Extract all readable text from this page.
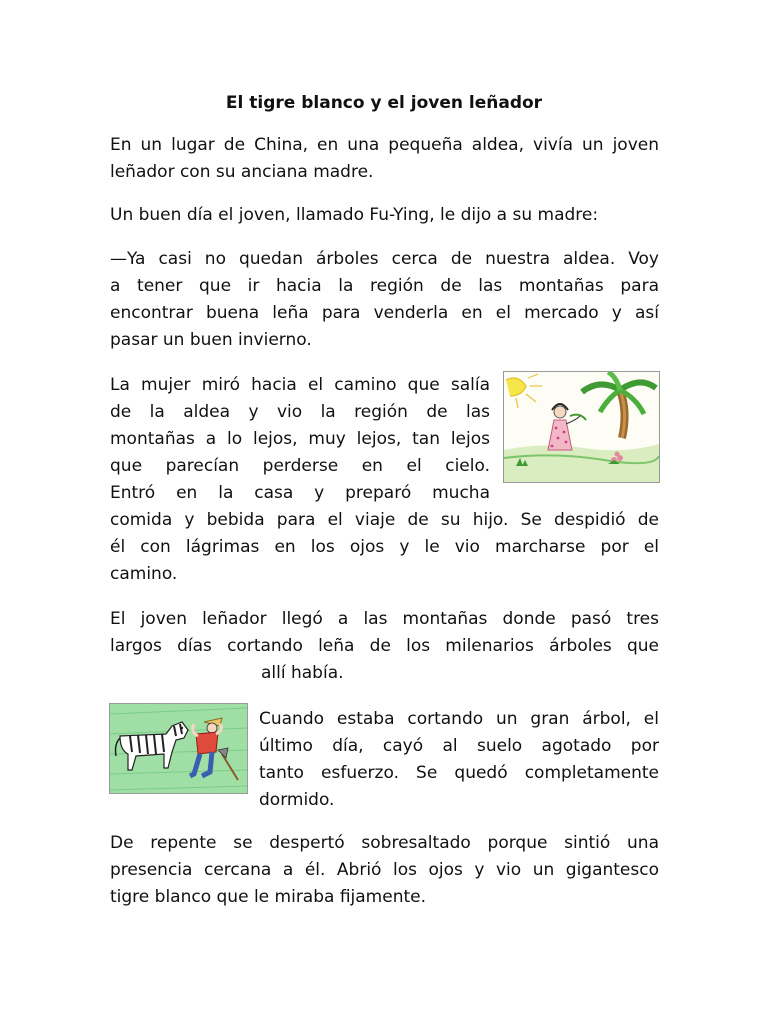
El tigre blanco y el joven leñador
En un lugar de China, en una pequeña aldea, vivía un joven
leñador con su anciana madre.
Un buen día el joven, llamado Fu-Ying, le dijo a su madre:
—Ya casi no quedan árboles cerca de nuestra aldea. Voy
a tener que ir hacia la región de las montañas para
encontrar buena leña para venderla en el mercado y así
pasar un buen invierno.
La mujer miró hacia el camino que salía
de la aldea y vio la región de las
montañas a lo lejos, muy lejos, tan lejos
que parecían perderse en el cielo.
Entró en la casa y preparó mucha
comida y bebida para el viaje de su hijo. Se despidió de
él con lágrimas en los ojos y le vio marcharse por el
camino.
El joven leñador llegó a las montañas donde pasó tres
largos días cortando leña de los milenarios árboles que
allí había.
Cuando estaba cortando un gran árbol, el
último día, cayó al suelo agotado por
tanto esfuerzo. Se quedó completamente
dormido.
De repente se despertó sobresaltado porque sintió una
presencia cercana a él. Abrió los ojos y vio un gigantesco
tigre blanco que le miraba fijamente.
